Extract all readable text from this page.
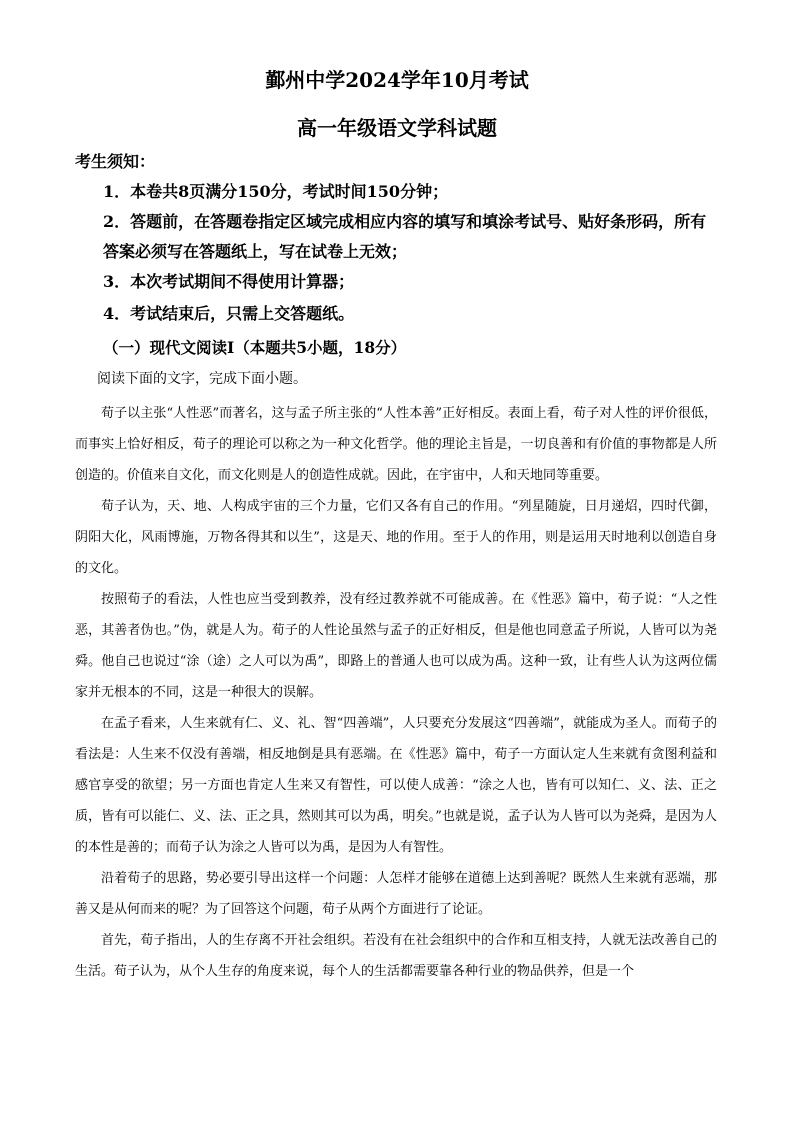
鄞州中学2024学年10月考试
高一年级语文学科试题
考生须知：
1．本卷共8页满分150分，考试时间150分钟；
2．答题前，在答题卷指定区域完成相应内容的填写和填涂考试号、贴好条形码，所有答案必须写在答题纸上，写在试卷上无效；
3．本次考试期间不得使用计算器；
4．考试结束后，只需上交答题纸。
（一）现代文阅读Ⅰ（本题共5小题，18分）
阅读下面的文字，完成下面小题。

荀子以主张“人性恶”而著名，这与孟子所主张的“人性本善”正好相反。表面上看，荀子对人性的评价很低，而事实上恰好相反，荀子的理论可以称之为一种文化哲学。他的理论主旨是，一切良善和有价值的事物都是人所创造的。价值来自文化，而文化则是人的创造性成就。因此，在宇宙中，人和天地同等重要。

荀子认为，天、地、人构成宇宙的三个力量，它们又各有自己的作用。“列星随旋，日月递炤，四时代御，阴阳大化，风雨博施，万物各得其和以生”，这是天、地的作用。至于人的作用，则是运用天时地利以创造自身的文化。

按照荀子的看法，人性也应当受到教养，没有经过教养就不可能成善。在《性恶》篇中，荀子说：“人之性恶，其善者伪也。”伪，就是人为。荀子的人性论虽然与孟子的正好相反，但是他也同意孟子所说，人皆可以为尧舜。他自己也说过“涂（途）之人可以为禹”，即路上的普通人也可以成为禹。这种一致，让有些人认为这两位儒家并无根本的不同，这是一种很大的误解。

在孟子看来，人生来就有仁、义、礼、智“四善端”，人只要充分发展这“四善端”，就能成为圣人。而荀子的看法是：人生来不仅没有善端，相反地倒是具有恶端。在《性恶》篇中，荀子一方面认定人生来就有贪图利益和感官享受的欲望；另一方面也肯定人生来又有智性，可以使人成善：“涂之人也，皆有可以知仁、义、法、正之质，皆有可以能仁、义、法、正之具，然则其可以为禹，明矣。”也就是说，孟子认为人皆可以为尧舜，是因为人的本性是善的；而荀子认为涂之人皆可以为禹，是因为人有智性。

沿着荀子的思路，势必要引导出这样一个问题：人怎样才能够在道德上达到善呢？既然人生来就有恶端，那善又是从何而来的呢？为了回答这个问题，荀子从两个方面进行了论证。

首先，荀子指出，人的生存离不开社会组织。若没有在社会组织中的合作和互相支持，人就无法改善自己的生活。荀子认为，从个人生存的角度来说，每个人的生活都需要靠各种行业的物品供养，但是一个
